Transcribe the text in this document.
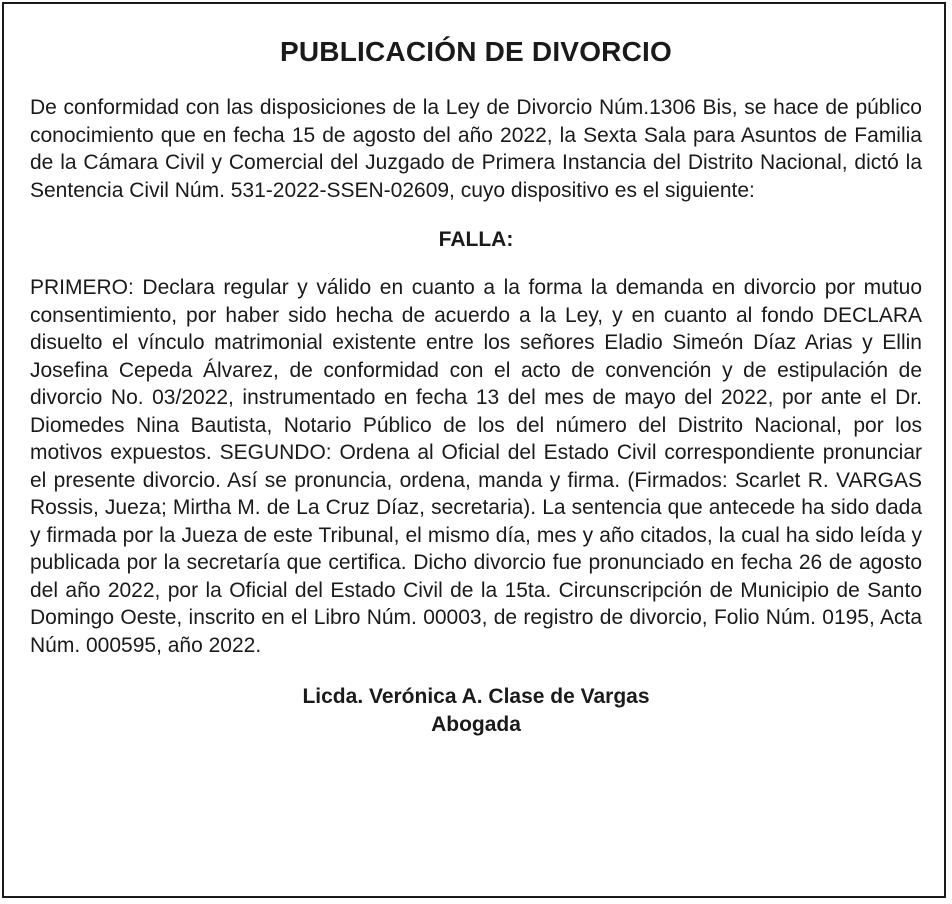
PUBLICACIÓN DE DIVORCIO

De conformidad con las disposiciones de la Ley de Divorcio Núm.1306 Bis, se hace de público conocimiento que en fecha 15 de agosto del año 2022, la Sexta Sala para Asuntos de Familia de la Cámara Civil y Comercial del Juzgado de Primera Instancia del Distrito Nacional, dictó la Sentencia Civil Núm. 531-2022-SSEN-02609, cuyo dispositivo es el siguiente:

FALLA:

PRIMERO: Declara regular y válido en cuanto a la forma la demanda en divorcio por mutuo consentimiento, por haber sido hecha de acuerdo a la Ley, y en cuanto al fondo DECLARA disuelto el vínculo matrimonial existente entre los señores Eladio Simeón Díaz Arias y Ellin Josefina Cepeda Álvarez, de conformidad con el acto de convención y de estipulación de divorcio No. 03/2022, instrumentado en fecha 13 del mes de mayo del 2022, por ante el Dr. Diomedes Nina Bautista, Notario Público de los del número del Distrito Nacional, por los motivos expuestos. SEGUNDO: Ordena al Oficial del Estado Civil correspondiente pronunciar el presente divorcio. Así se pronuncia, ordena, manda y firma. (Firmados: Scarlet R. VARGAS Rossis, Jueza; Mirtha M. de La Cruz Díaz, secretaria). La sentencia que antecede ha sido dada y firmada por la Jueza de este Tribunal, el mismo día, mes y año citados, la cual ha sido leída y publicada por la secretaría que certifica. Dicho divorcio fue pronunciado en fecha 26 de agosto del año 2022, por la Oficial del Estado Civil de la 15ta. Circunscripción de Municipio de Santo Domingo Oeste, inscrito en el Libro Núm. 00003, de registro de divorcio, Folio Núm. 0195, Acta Núm. 000595, año 2022.

Licda. Verónica A. Clase de Vargas
Abogada
